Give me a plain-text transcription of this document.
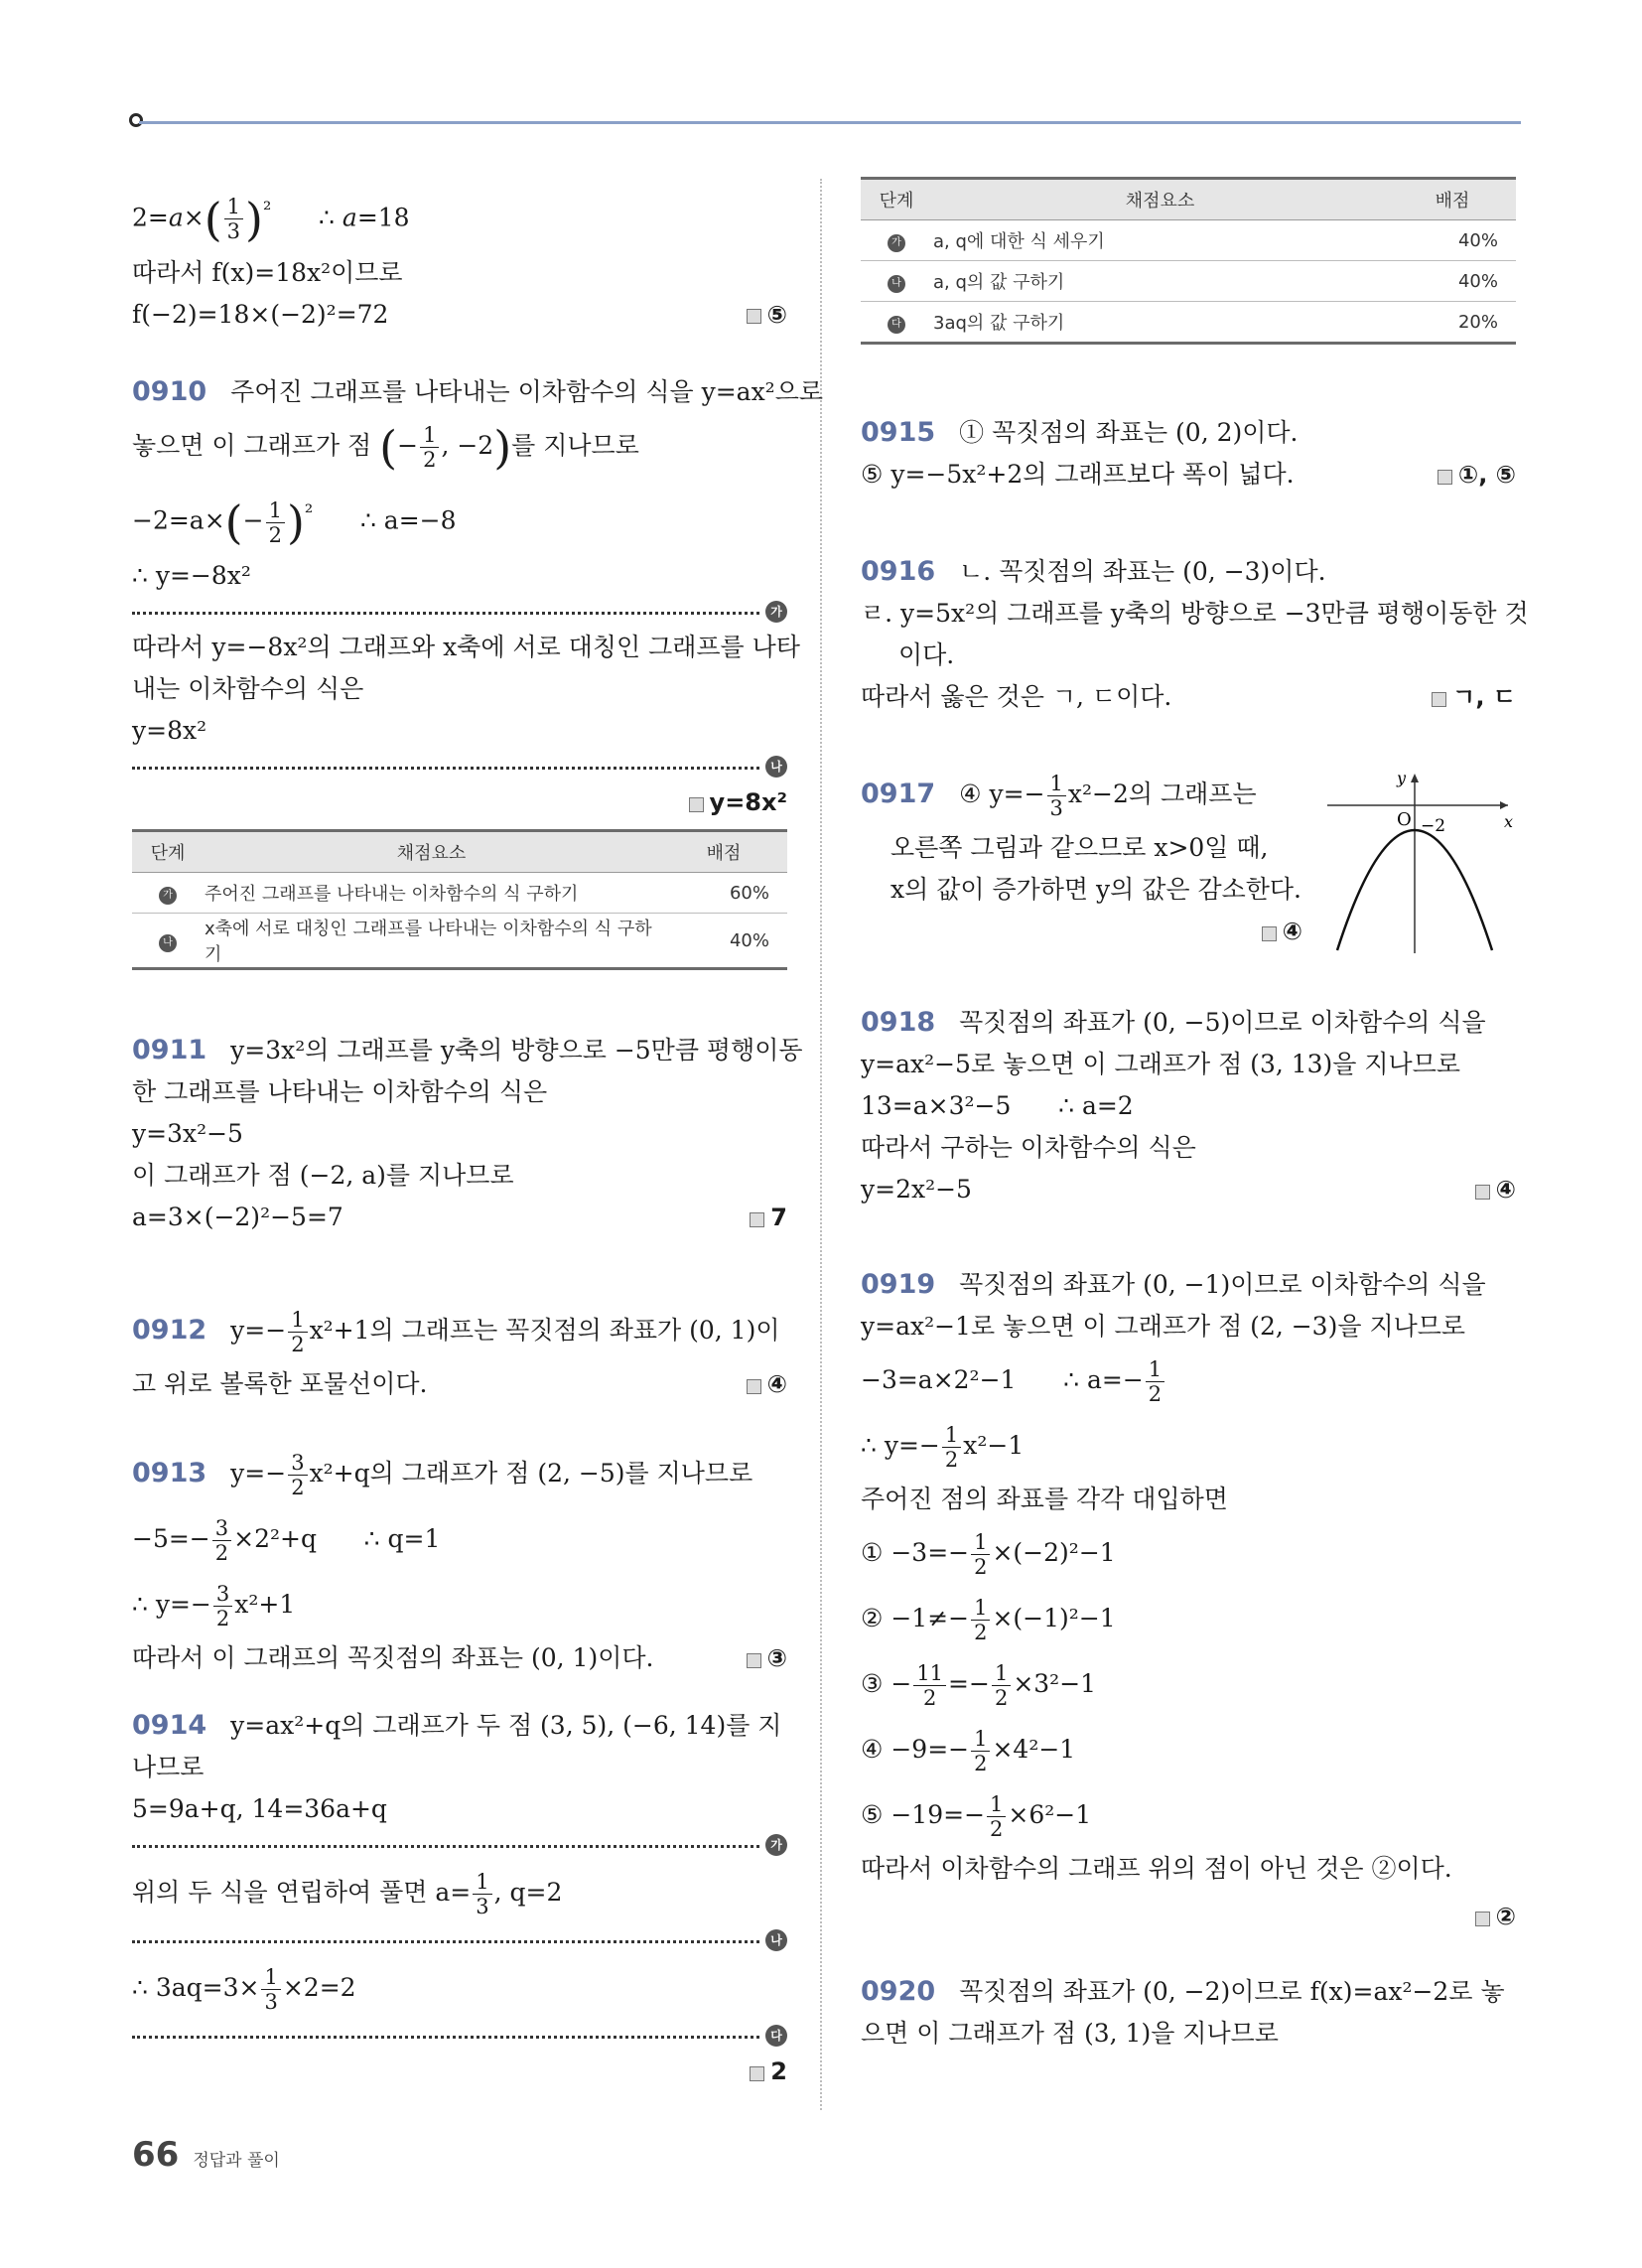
$2=a\times( \frac{1}{3} )^{^2}$ ∴ a=18
따라서 f(x)=18x²이므로
f(−2)=18×(−2)²=72	⑤
0910 주어진 그래프를 나타내는 이차함수의 식을 y=ax²으로
놓으면 이 그래프가 점 (− $\frac{1}{2}$ , −2)를 지나므로
$-2=a\times(- \frac{1}{2} )^{^2}$ ∴ a=−8
∴ y=−8x²
가
따라서 y=−8x²의 그래프와 x축에 서로 대칭인 그래프를 나타
내는 이차함수의 식은
y=8x²
나
y=8x²

단계	채점요소	배점
가	주어진 그래프를 나타내는 이차함수의 식 구하기	60%
나	x축에 서로 대칭인 그래프를 나타내는 이차함수의 식 구하기	40%
0911 y=3x²의 그래프를 y축의 방향으로 −5만큼 평행이동
한 그래프를 나타내는 이차함수의 식은
y=3x²−5
이 그래프가 점 (−2, a)를 지나므로
a=3×(−2)²−5=7	7
0912 $y=- \frac{1}{2} x^2+1$의 그래프는 꼭짓점의 좌표가 (0, 1)이
고 위로 볼록한 포물선이다.	④
0913 $y=- \frac{3}{2} x^2+q$의 그래프가 점 (2, −5)를 지나므로
$-5=- \frac{3}{2} \times 2^2+q$ ∴ q=1
∴ $y=- \frac{3}{2} x^2+1$
따라서 이 그래프의 꼭짓점의 좌표는 (0, 1)이다.	③
0914 y=ax²+q의 그래프가 두 점 (3, 5), (−6, 14)를 지
나므로
5=9a+q, 14=36a+q
가
위의 두 식을 연립하여 풀면 $a= \frac{1}{3}$ , q=2
나
∴ $3aq=3\times \frac{1}{3} \times 2=2$
다
2

단계	채점요소	배점
가	a, q에 대한 식 세우기	40%
나	a, q의 값 구하기	40%
다	3aq의 값 구하기	20%
0915 ① 꼭짓점의 좌표는 (0, 2)이다.
⑤ y=−5x²+2의 그래프보다 폭이 넓다.	①, ⑤
0916 ㄴ. 꼭짓점의 좌표는 (0, −3)이다.
ㄹ. y=5x²의 그래프를 y축의 방향으로 −3만큼 평행이동한 것
이다.
따라서 옳은 것은 ㄱ, ㄷ이다.	ㄱ, ㄷ
0917 ④ $y=- \frac{1}{3} x^2-2$의 그래프는
오른쪽 그림과 같으므로 x>0일 때,
x의 값이 증가하면 y의 값은 감소한다.
④

y
x
O −2
0918 꼭짓점의 좌표가 (0, −5)이므로 이차함수의 식을
y=ax²−5로 놓으면 이 그래프가 점 (3, 13)을 지나므로
13=a×3²−5 ∴ a=2
따라서 구하는 이차함수의 식은
y=2x²−5	④
0919 꼭짓점의 좌표가 (0, −1)이므로 이차함수의 식을
y=ax²−1로 놓으면 이 그래프가 점 (2, −3)을 지나므로
−3=a×2²−1 ∴ $a=- \frac{1}{2}$
∴ $y=- \frac{1}{2} x^2-1$
주어진 점의 좌표를 각각 대입하면
① $-3=- \frac{1}{2} \times(-2)^2-1$
② $-1\ne- \frac{1}{2} \times(-1)^2-1$
③ − $\frac{11}{2} =- \frac{1}{2} \times 3^2-1$
④ $-9=- \frac{1}{2} \times 4^2-1$
⑤ $-19=- \frac{1}{2} \times 6^2-1$
따라서 이차함수의 그래프 위의 점이 아닌 것은 ②이다.
②

0920 꼭짓점의 좌표가 (0, −2)이므로 f(x)=ax²−2로 놓
으면 이 그래프가 점 (3, 1)을 지나므로
66 정답과 풀이
